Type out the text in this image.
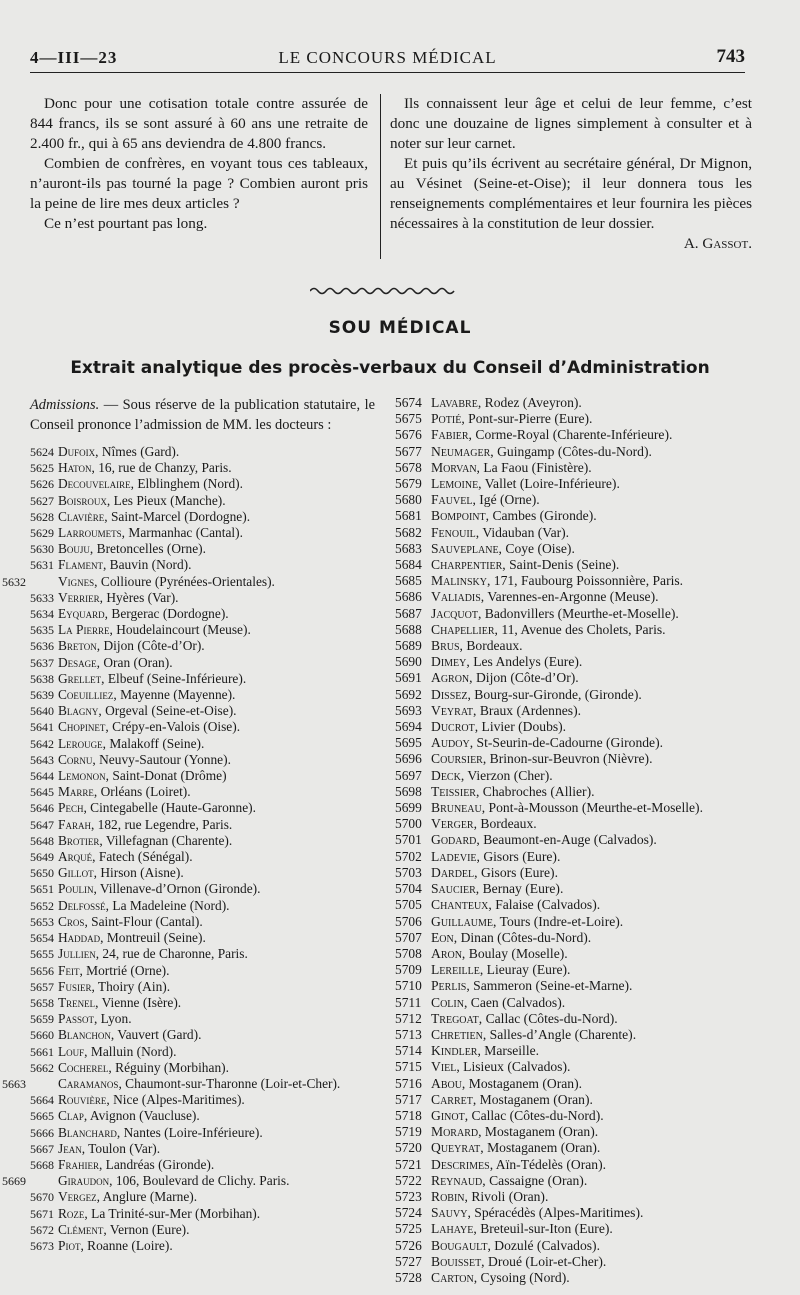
4—III—23	LE CONCOURS MÉDICAL	743

Donc pour une cotisation totale contre assurée de 844 francs, ils se sont assuré à 60 ans une retraite de 2.400 fr., qui à 65 ans deviendra de 4.800 francs.

Combien de confrères, en voyant tous ces tableaux, n’auront-ils pas tourné la page ? Combien auront pris la peine de lire mes deux articles ?

Ce n’est pourtant pas long.

Ils connaissent leur âge et celui de leur femme, c’est donc une douzaine de lignes simplement à consulter et à noter sur leur carnet.

Et puis qu’ils écrivent au secrétaire général, Dr Mignon, au Vésinet (Seine-et-Oise); il leur donnera tous les renseignements complémentaires et leur fournira les pièces nécessaires à la constitution de leur dossier.

A. Gassot.
SOU MÉDICAL
Extrait analytique des procès-verbaux du Conseil d’Administration
Admissions. — Sous réserve de la publication statutaire, le Conseil prononce l’admission de MM. les docteurs :
5624 Dufoix, Nîmes (Gard).
5625 Haton, 16, rue de Chanzy, Paris.
5626 Decouvelaire, Elblinghem (Nord).
5627 Boisroux, Les Pieux (Manche).
5628 Clavière, Saint-Marcel (Dordogne).
5629 Larroumets, Marmanhac (Cantal).
5630 Bouju, Bretoncelles (Orne).
5631 Flament, Bauvin (Nord).
5632 Vignes, Collioure (Pyrénées-Orientales).
5633 Verrier, Hyères (Var).
5634 Eyquard, Bergerac (Dordogne).
5635 La Pierre, Houdelaincourt (Meuse).
5636 Breton, Dijon (Côte-d’Or).
5637 Desage, Oran (Oran).
5638 Grellet, Elbeuf (Seine-Inférieure).
5639 Coeuilliez, Mayenne (Mayenne).
5640 Blagny, Orgeval (Seine-et-Oise).
5641 Chopinet, Crépy-en-Valois (Oise).
5642 Lerouge, Malakoff (Seine).
5643 Cornu, Neuvy-Sautour (Yonne).
5644 Lemonon, Saint-Donat (Drôme)
5645 Marre, Orléans (Loiret).
5646 Pech, Cintegabelle (Haute-Garonne).
5647 Farah, 182, rue Legendre, Paris.
5648 Brotier, Villefagnan (Charente).
5649 Arqué, Fatech (Sénégal).
5650 Gillot, Hirson (Aisne).
5651 Poulin, Villenave-d’Ornon (Gironde).
5652 Delfossé, La Madeleine (Nord).
5653 Cros, Saint-Flour (Cantal).
5654 Haddad, Montreuil (Seine).
5655 Jullien, 24, rue de Charonne, Paris.
5656 Feit, Mortrié (Orne).
5657 Fusier, Thoiry (Ain).
5658 Trenel, Vienne (Isère).
5659 Passot, Lyon.
5660 Blanchon, Vauvert (Gard).
5661 Louf, Malluin (Nord).
5662 Cocherel, Réguiny (Morbihan).
5663 Caramanos, Chaumont-sur-Tharonne (Loir-et-Cher).
5664 Rouvière, Nice (Alpes-Maritimes).
5665 Clap, Avignon (Vaucluse).
5666 Blanchard, Nantes (Loire-Inférieure).
5667 Jean, Toulon (Var).
5668 Frahier, Landréas (Gironde).
5669 Giraudon, 106, Boulevard de Clichy. Paris.
5670 Vergez, Anglure (Marne).
5671 Roze, La Trinité-sur-Mer (Morbihan).
5672 Clément, Vernon (Eure).
5673 Piot, Roanne (Loire).
5674 Lavabre, Rodez (Aveyron).
5675 Potié, Pont-sur-Pierre (Eure).
5676 Fabier, Corme-Royal (Charente-Inférieure).
5677 Neumager, Guingamp (Côtes-du-Nord).
5678 Morvan, La Faou (Finistère).
5679 Lemoine, Vallet (Loire-Inférieure).
5680 Fauvel, Igé (Orne).
5681 Bompoint, Cambes (Gironde).
5682 Fenouil, Vidauban (Var).
5683 Sauveplane, Coye (Oise).
5684 Charpentier, Saint-Denis (Seine).
5685 Malinsky, 171, Faubourg Poissonnière, Paris.
5686 Valiadis, Varennes-en-Argonne (Meuse).
5687 Jacquot, Badonvillers (Meurthe-et-Moselle).
5688 Chapellier, 11, Avenue des Cholets, Paris.
5689 Brus, Bordeaux.
5690 Dimey, Les Andelys (Eure).
5691 Agron, Dijon (Côte-d’Or).
5692 Dissez, Bourg-sur-Gironde, (Gironde).
5693 Veyrat, Braux (Ardennes).
5694 Ducrot, Livier (Doubs).
5695 Audoy, St-Seurin-de-Cadourne (Gironde).
5696 Coursier, Brinon-sur-Beuvron (Nièvre).
5697 Deck, Vierzon (Cher).
5698 Teissier, Chabroches (Allier).
5699 Bruneau, Pont-à-Mousson (Meurthe-et-Moselle).
5700 Verger, Bordeaux.
5701 Godard, Beaumont-en-Auge (Calvados).
5702 Ladevie, Gisors (Eure).
5703 Dardel, Gisors (Eure).
5704 Saucier, Bernay (Eure).
5705 Chanteux, Falaise (Calvados).
5706 Guillaume, Tours (Indre-et-Loire).
5707 Eon, Dinan (Côtes-du-Nord).
5708 Aron, Boulay (Moselle).
5709 Lereille, Lieuray (Eure).
5710 Perlis, Sammeron (Seine-et-Marne).
5711 Colin, Caen (Calvados).
5712 Tregoat, Callac (Côtes-du-Nord).
5713 Chretien, Salles-d’Angle (Charente).
5714 Kindler, Marseille.
5715 Viel, Lisieux (Calvados).
5716 Abou, Mostaganem (Oran).
5717 Carret, Mostaganem (Oran).
5718 Ginot, Callac (Côtes-du-Nord).
5719 Morard, Mostaganem (Oran).
5720 Queyrat, Mostaganem (Oran).
5721 Descrimes, Aïn-Tédelès (Oran).
5722 Reynaud, Cassaigne (Oran).
5723 Robin, Rivoli (Oran).
5724 Sauvy, Spéracédès (Alpes-Maritimes).
5725 Lahaye, Breteuil-sur-Iton (Eure).
5726 Bougault, Dozulé (Calvados).
5727 Bouisset, Droué (Loir-et-Cher).
5728 Carton, Cysoing (Nord).
